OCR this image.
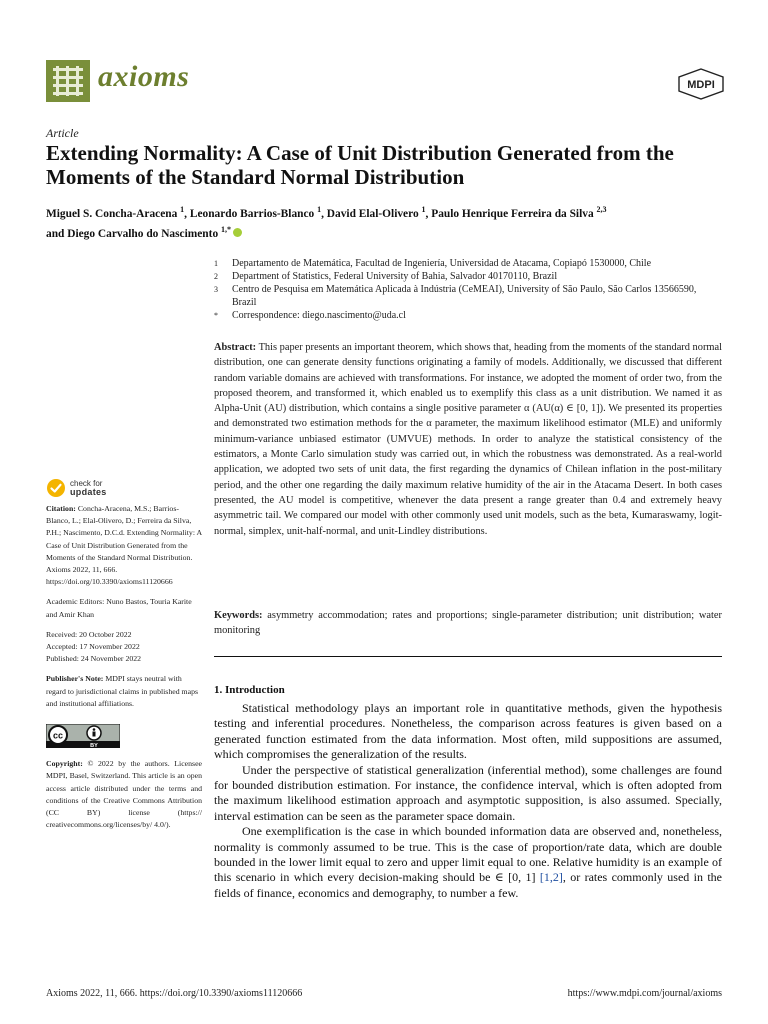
axioms	MDPI
Article
Extending Normality: A Case of Unit Distribution Generated from the Moments of the Standard Normal Distribution
Miguel S. Concha-Aracena $^1$, Leonardo Barrios-Blanco $^1$, David Elal-Olivero $^1$, Paulo Henrique Ferreira da Silva $^{2,3}$
and Diego Carvalho do Nascimento $^{1,*}$
1	Departamento de Matemática, Facultad de Ingeniería, Universidad de Atacama, Copiapó 1530000, Chile
2	Department of Statistics, Federal University of Bahia, Salvador 40170110, Brazil
3	Centro de Pesquisa em Matemática Aplicada à Indústria (CeMEAI), University of São Paulo, São Carlos 13566590, Brazil
*	Correspondence: diego.nascimento@uda.cl
Abstract: This paper presents an important theorem, which shows that, heading from the moments of the standard normal distribution, one can generate density functions originating a family of models. Additionally, we discussed that different random variable domains are achieved with transformations. For instance, we adopted the moment of order two, from the proposed theorem, and transformed it, which enabled us to exemplify this class as a unit distribution. We named it as Alpha-Unit (AU) distribution, which contains a single positive parameter α (AU(α) ∈ [0, 1]). We presented its properties and demonstrated two estimation methods for the α parameter, the maximum likelihood estimator (MLE) and uniformly minimum-variance unbiased estimator (UMVUE) methods. In order to analyze the statistical consistency of the estimators, a Monte Carlo simulation study was carried out, in which the robustness was demonstrated. As a real-world application, we adopted two sets of unit data, the first regarding the dynamics of Chilean inflation in the post-military period, and the other one regarding the daily maximum relative humidity of the air in the Atacama Desert. In both cases presented, the AU model is competitive, whenever the data present a range greater than 0.4 and extremely heavy asymmetric tail. We compared our model with other commonly used unit models, such as the beta, Kumaraswamy, logit-normal, simplex, unit-half-normal, and unit-Lindley distributions.
Keywords: asymmetry accommodation; rates and proportions; single-parameter distribution; unit distribution; water monitoring
1. Introduction

Statistical methodology plays an important role in quantitative methods, given the hypothesis testing and inferential procedures. Nonetheless, the comparison across features is given based on a generated function estimated from the data information. Most often, mild suppositions are assumed, which compromises the generalization of the results.

Under the perspective of statistical generalization (inferential method), some challenges are found for bounded distribution estimation. For instance, the confidence interval, which is often adopted from the maximum likelihood estimation approach and asymptotic supposition, is also assumed. Specially, interval estimation can be seen as the parameter space domain.

One exemplification is the case in which bounded information data are observed and, nonetheless, normality is commonly assumed to be true. This is the case of proportion/rate data, which are double bounded in the lower limit equal to zero and upper limit equal to one. Relative humidity is an example of this scenario in which every decision-making should be ∈ [0, 1] [1,2], or rates commonly used in the fields of finance, economics and demography, to number a few.

check for
updates
Citation: Concha-Aracena, M.S.; Barrios-Blanco, L.; Elal-Olivero, D.; Ferreira da Silva, P.H.; Nascimento, D.C.d. Extending Normality: A Case of Unit Distribution Generated from the Moments of the Standard Normal Distribution. Axioms 2022, 11, 666. https://doi.org/10.3390/axioms11120666
Academic Editors: Nuno Bastos, Touria Karite and Amir Khan
Received: 20 October 2022
Accepted: 17 November 2022
Published: 24 November 2022
Publisher's Note: MDPI stays neutral with regard to jurisdictional claims in published maps and institutional affiliations.
cc
BY
Copyright: © 2022 by the authors. Licensee MDPI, Basel, Switzerland. This article is an open access article distributed under the terms and conditions of the Creative Commons Attribution (CC BY) license (https:// creativecommons.org/licenses/by/ 4.0/).
Axioms 2022, 11, 666. https://doi.org/10.3390/axioms11120666	https://www.mdpi.com/journal/axioms
